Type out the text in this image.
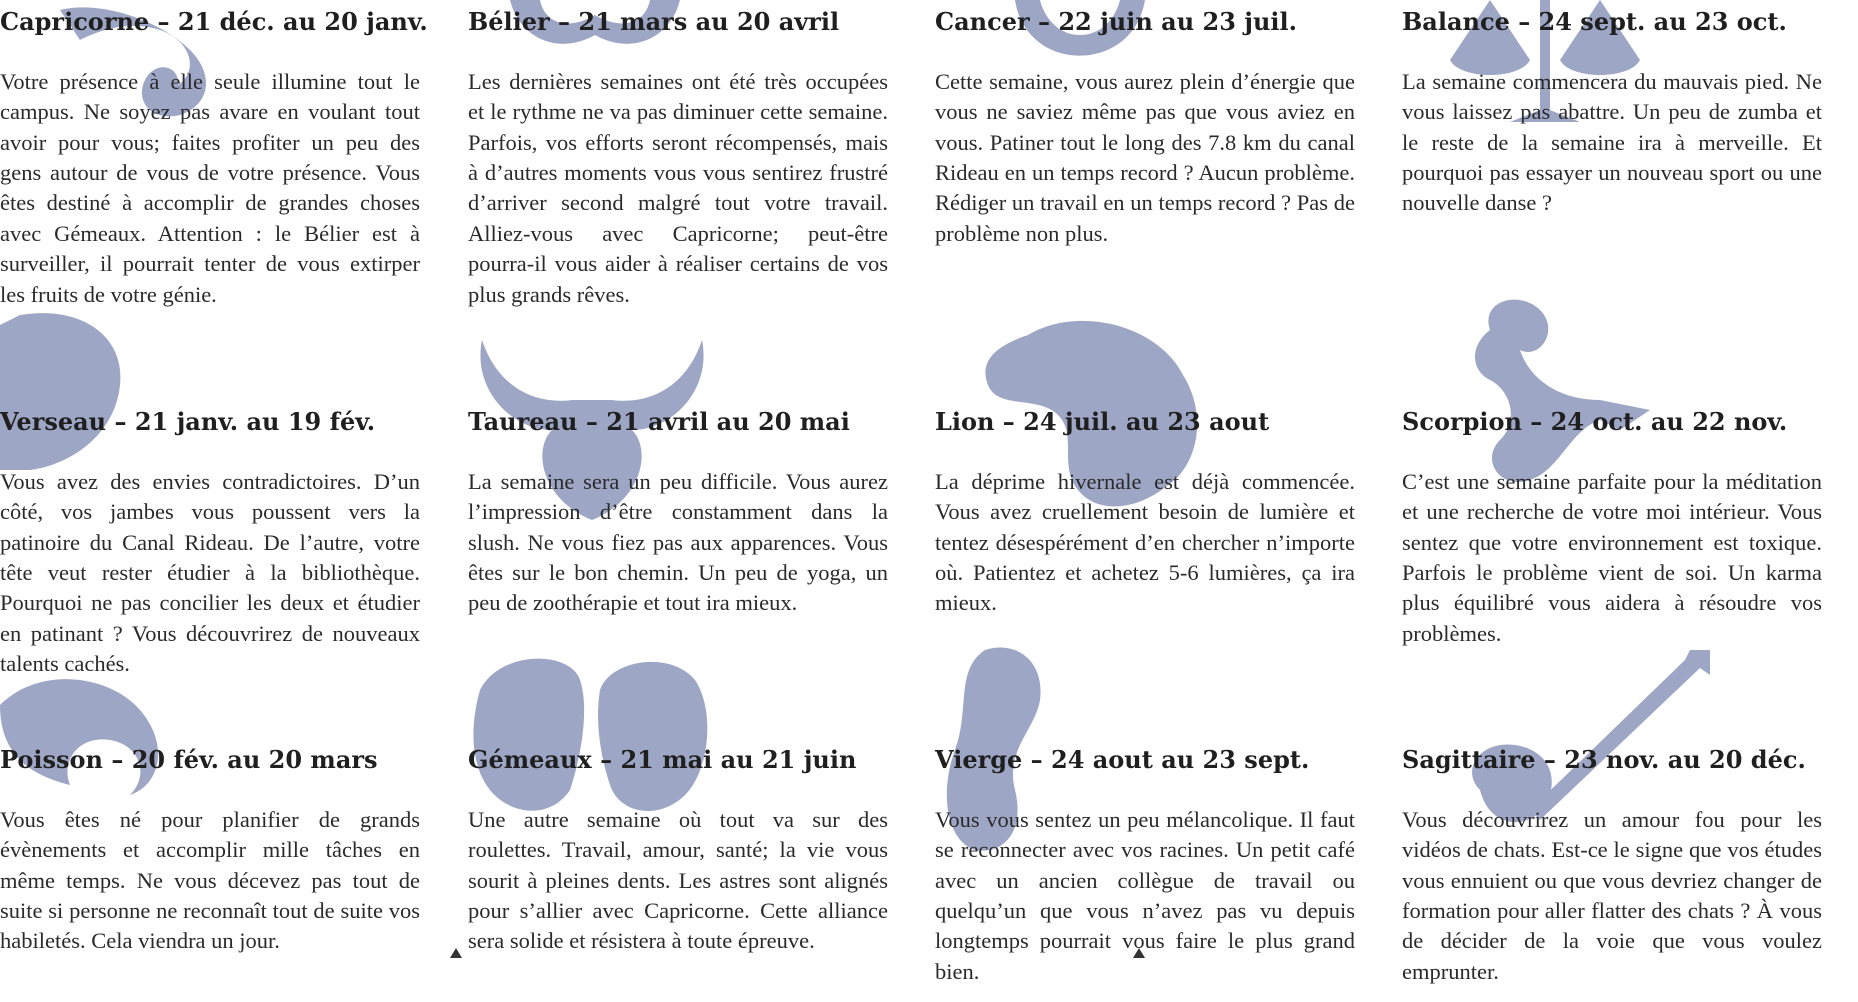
Capricorne – 21 déc. au 20 janv.

Votre présence à elle seule illumine tout le campus. Ne soyez pas avare en voulant tout avoir pour vous; faites profiter un peu des gens autour de vous de votre présence. Vous êtes destiné à accomplir de grandes choses avec Gémeaux. Attention : le Bélier est à surveiller, il pourrait tenter de vous extirper les fruits de votre génie.

Verseau – 21 janv. au 19 fév.

Vous avez des envies contradictoires. D’un côté, vos jambes vous poussent vers la patinoire du Canal Rideau. De l’autre, votre tête veut rester étudier à la bibliothèque. Pourquoi ne pas concilier les deux et étudier en patinant ? Vous découvrirez de nouveaux talents cachés.

Poisson – 20 fév. au 20 mars

Vous êtes né pour planifier de grands évènements et accomplir mille tâches en même temps. Ne vous décevez pas tout de suite si personne ne reconnaît tout de suite vos habiletés. Cela viendra un jour.

Bélier – 21 mars au 20 avril

Les dernières semaines ont été très occupées et le rythme ne va pas diminuer cette semaine. Parfois, vos efforts seront récompensés, mais à d’autres moments vous vous sentirez frustré d’arriver second malgré tout votre travail. Alliez-vous avec Capricorne; peut-être pourra-il vous aider à réaliser certains de vos plus grands rêves.

Taureau – 21 avril au 20 mai

La semaine sera un peu difficile. Vous aurez l’impression d’être constamment dans la slush. Ne vous fiez pas aux apparences. Vous êtes sur le bon chemin. Un peu de yoga, un peu de zoothérapie et tout ira mieux.

Gémeaux – 21 mai au 21 juin

Une autre semaine où tout va sur des roulettes. Travail, amour, santé; la vie vous sourit à pleines dents. Les astres sont alignés pour s’allier avec Capricorne. Cette alliance sera solide et résistera à toute épreuve.

Cancer – 22 juin au 23 juil.

Cette semaine, vous aurez plein d’énergie que vous ne saviez même pas que vous aviez en vous. Patiner tout le long des 7.8 km du canal Rideau en un temps record ? Aucun problème. Rédiger un travail en un temps record ? Pas de problème non plus.

Lion – 24 juil. au 23 aout

La déprime hivernale est déjà commencée. Vous avez cruellement besoin de lumière et tentez désespérément d’en chercher n’importe où. Patientez et achetez 5-6 lumières, ça ira mieux.

Vierge – 24 aout au 23 sept.

Vous vous sentez un peu mélancolique. Il faut se reconnecter avec vos racines. Un petit café avec un ancien collègue de travail ou quelqu’un que vous n’avez pas vu depuis longtemps pourrait vous faire le plus grand bien.

Balance – 24 sept. au 23 oct.

La semaine commencera du mauvais pied. Ne vous laissez pas abattre. Un peu de zumba et le reste de la semaine ira à merveille. Et pourquoi pas essayer un nouveau sport ou une nouvelle danse ?

Scorpion – 24 oct. au 22 nov.

C’est une semaine parfaite pour la méditation et une recherche de votre moi intérieur. Vous sentez que votre environnement est toxique. Parfois le problème vient de soi. Un karma plus équilibré vous aidera à résoudre vos problèmes.

Sagittaire – 23 nov. au 20 déc.

Vous découvrirez un amour fou pour les vidéos de chats. Est-ce le signe que vos études vous ennuient ou que vous devriez changer de formation pour aller flatter des chats ? À vous de décider de la voie que vous voulez emprunter.
